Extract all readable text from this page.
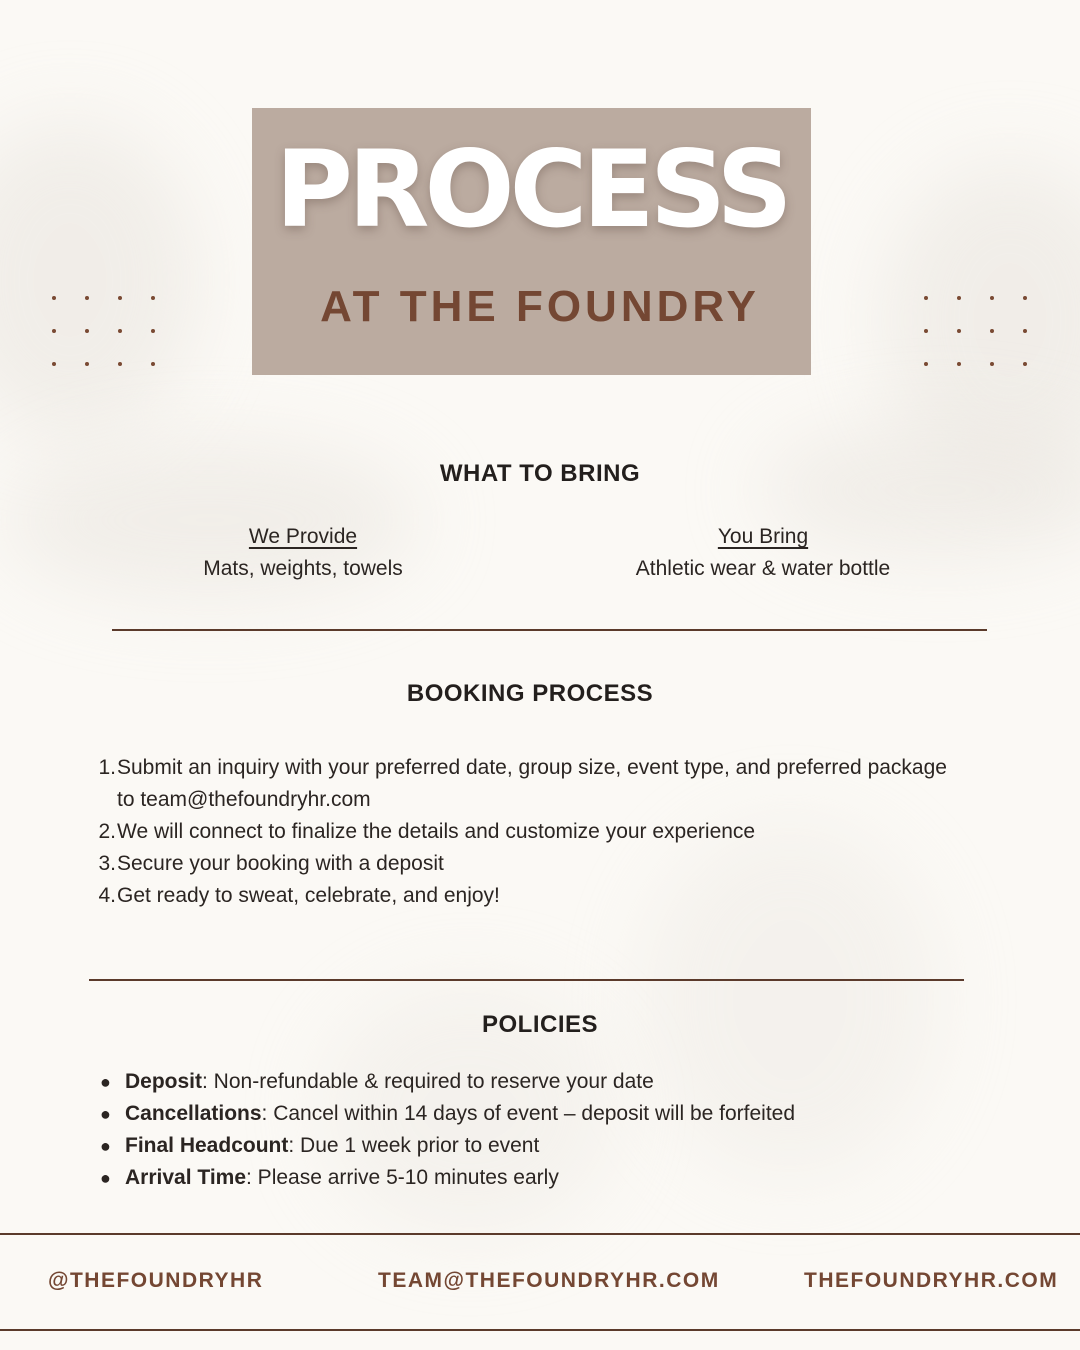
PROCESS
AT THE FOUNDRY
WHAT TO BRING
We Provide
Mats, weights, towels
You Bring
Athletic wear & water bottle
BOOKING PROCESS
1. Submit an inquiry with your preferred date, group size, event type, and preferred package to team@thefoundryhr.com
2. We will connect to finalize the details and customize your experience
3. Secure your booking with a deposit
4. Get ready to sweat, celebrate, and enjoy!
POLICIES
● Deposit: Non-refundable & required to reserve your date
● Cancellations: Cancel within 14 days of event – deposit will be forfeited
● Final Headcount: Due 1 week prior to event
● Arrival Time: Please arrive 5-10 minutes early
@THEFOUNDRYHR	TEAM@THEFOUNDRYHR.COM	THEFOUNDRYHR.COM
